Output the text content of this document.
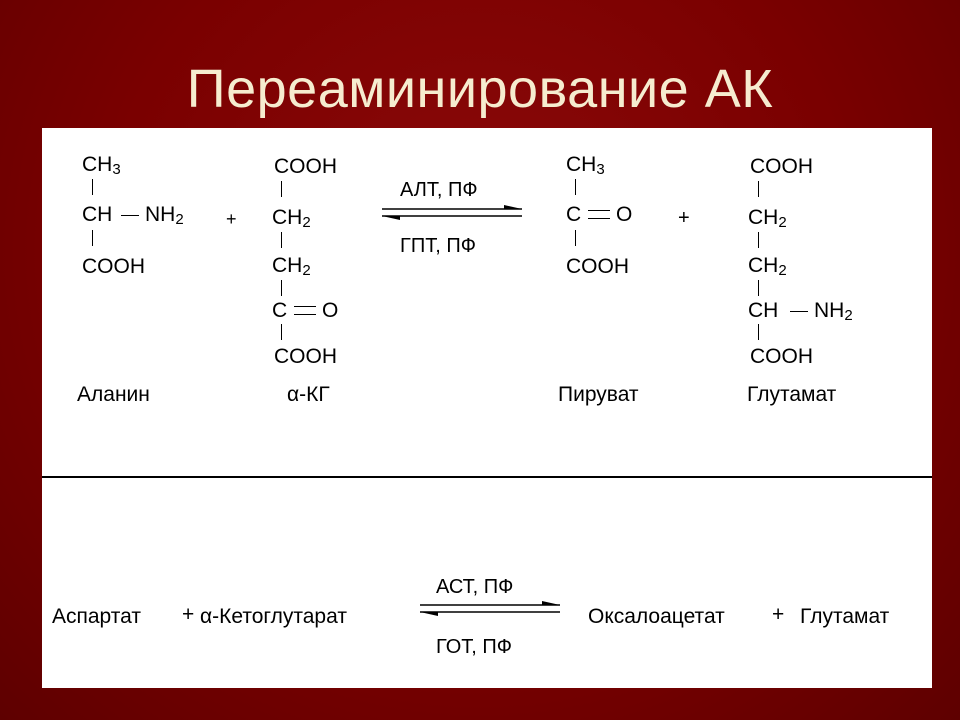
Переаминирование АК
$CH_3$
CH $NH_2$
COOH
Аланин
+
COOH
$CH_2$
$CH_2$
C O
COOH
α-КГ
АЛТ, ПФ
ГПТ, ПФ
$CH_3$
C O
COOH
Пируват
+
COOH
$CH_2$
$CH_2$
CH $NH_2$
COOH
Глутамат
Аспартат + α-Кетоглутарат
АСТ, ПФ
ГОТ, ПФ
Оксалоацетат + Глутамат
